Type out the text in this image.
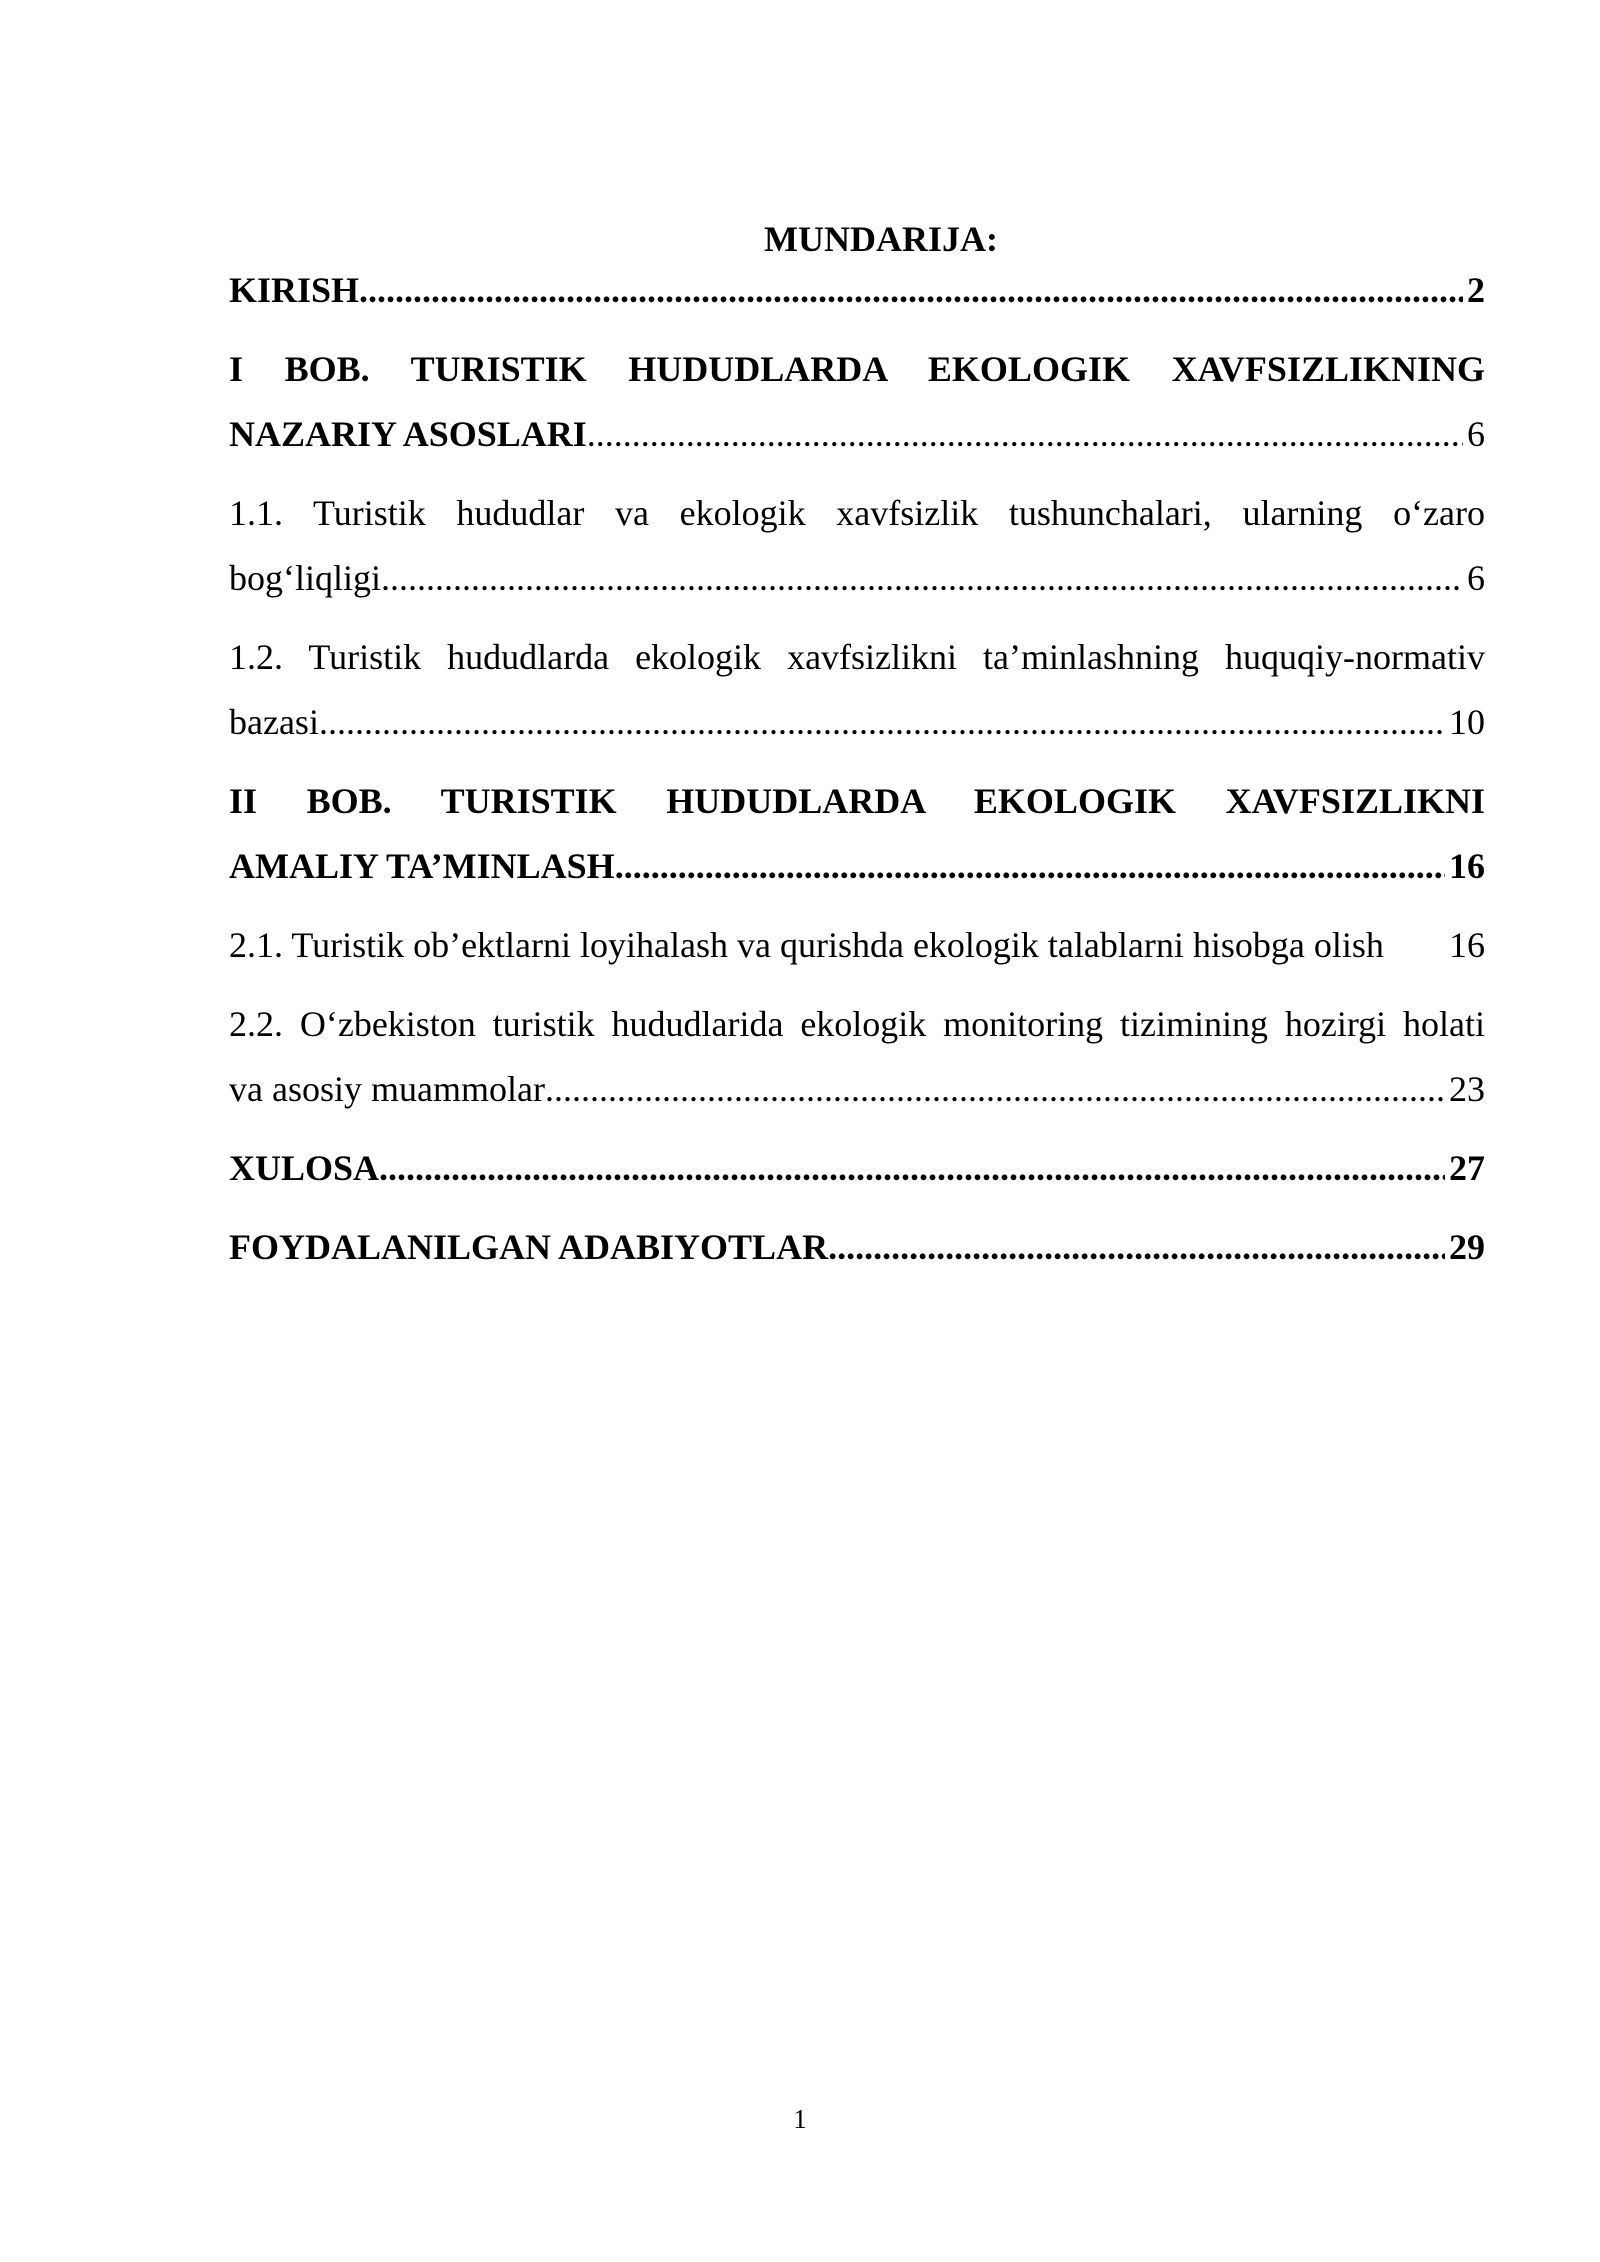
MUNDARIJA:
KIRISH .....	2
I BOB. TURISTIK HUDUDLARDA EKOLOGIK XAVFSIZLIKNING
NAZARIY ASOSLARI .....	6
1.1. Turistik hududlar va ekologik xavfsizlik tushunchalari, ularning o‘zaro
bog‘liqligi .....	6
1.2. Turistik hududlarda ekologik xavfsizlikni ta’minlashning huquqiy-normativ
bazasi .....	10
II BOB. TURISTIK HUDUDLARDA EKOLOGIK XAVFSIZLIKNI
AMALIY TA’MINLASH .....	16
2.1. Turistik ob’ektlarni loyihalash va qurishda ekologik talablarni hisobga olish 16
2.2. O‘zbekiston turistik hududlarida ekologik monitoring tizimining hozirgi holati
va asosiy muammolar .....	23
XULOSA .....	27
FOYDALANILGAN ADABIYOTLAR .....	29
1
